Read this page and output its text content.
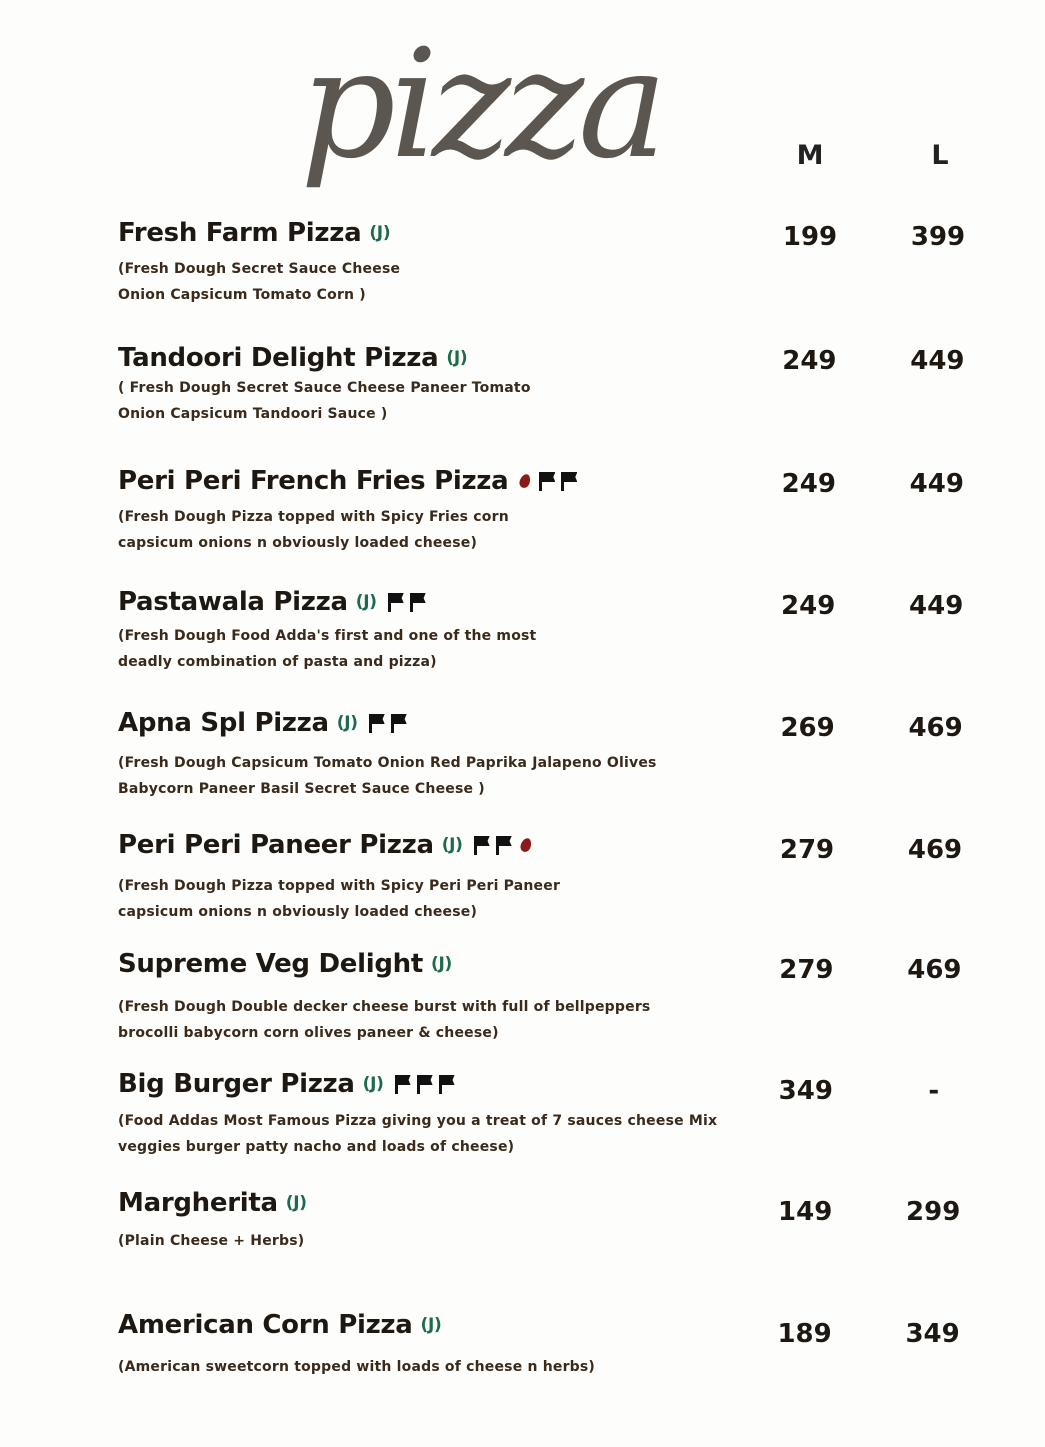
pizza	M	L
Fresh Farm Pizza (J)
(Fresh Dough Secret Sauce Cheese
Onion Capsicum Tomato Corn )
199	399
Tandoori Delight Pizza (J)
( Fresh Dough Secret Sauce Cheese Paneer Tomato
Onion Capsicum Tandoori Sauce )
249	449
Peri Peri French Fries Pizza
(Fresh Dough Pizza topped with Spicy Fries corn
capsicum onions n obviously loaded cheese)
249	449
Pastawala Pizza (J)
(Fresh Dough Food Adda's first and one of the most
deadly combination of pasta and pizza)
249	449
Apna Spl Pizza (J)
(Fresh Dough Capsicum Tomato Onion Red Paprika Jalapeno Olives
Babycorn Paneer Basil Secret Sauce Cheese )
269	469
Peri Peri Paneer Pizza (J)
(Fresh Dough Pizza topped with Spicy Peri Peri Paneer
capsicum onions n obviously loaded cheese)
279	469
Supreme Veg Delight (J)
(Fresh Dough Double decker cheese burst with full of bellpeppers
brocolli babycorn corn olives paneer & cheese)
279	469
Big Burger Pizza (J)
(Food Addas Most Famous Pizza giving you a treat of 7 sauces cheese Mix
veggies burger patty nacho and loads of cheese)
349	-
Margherita (J)
(Plain Cheese + Herbs)
149	299
American Corn Pizza (J)
(American sweetcorn topped with loads of cheese n herbs)
189	349
